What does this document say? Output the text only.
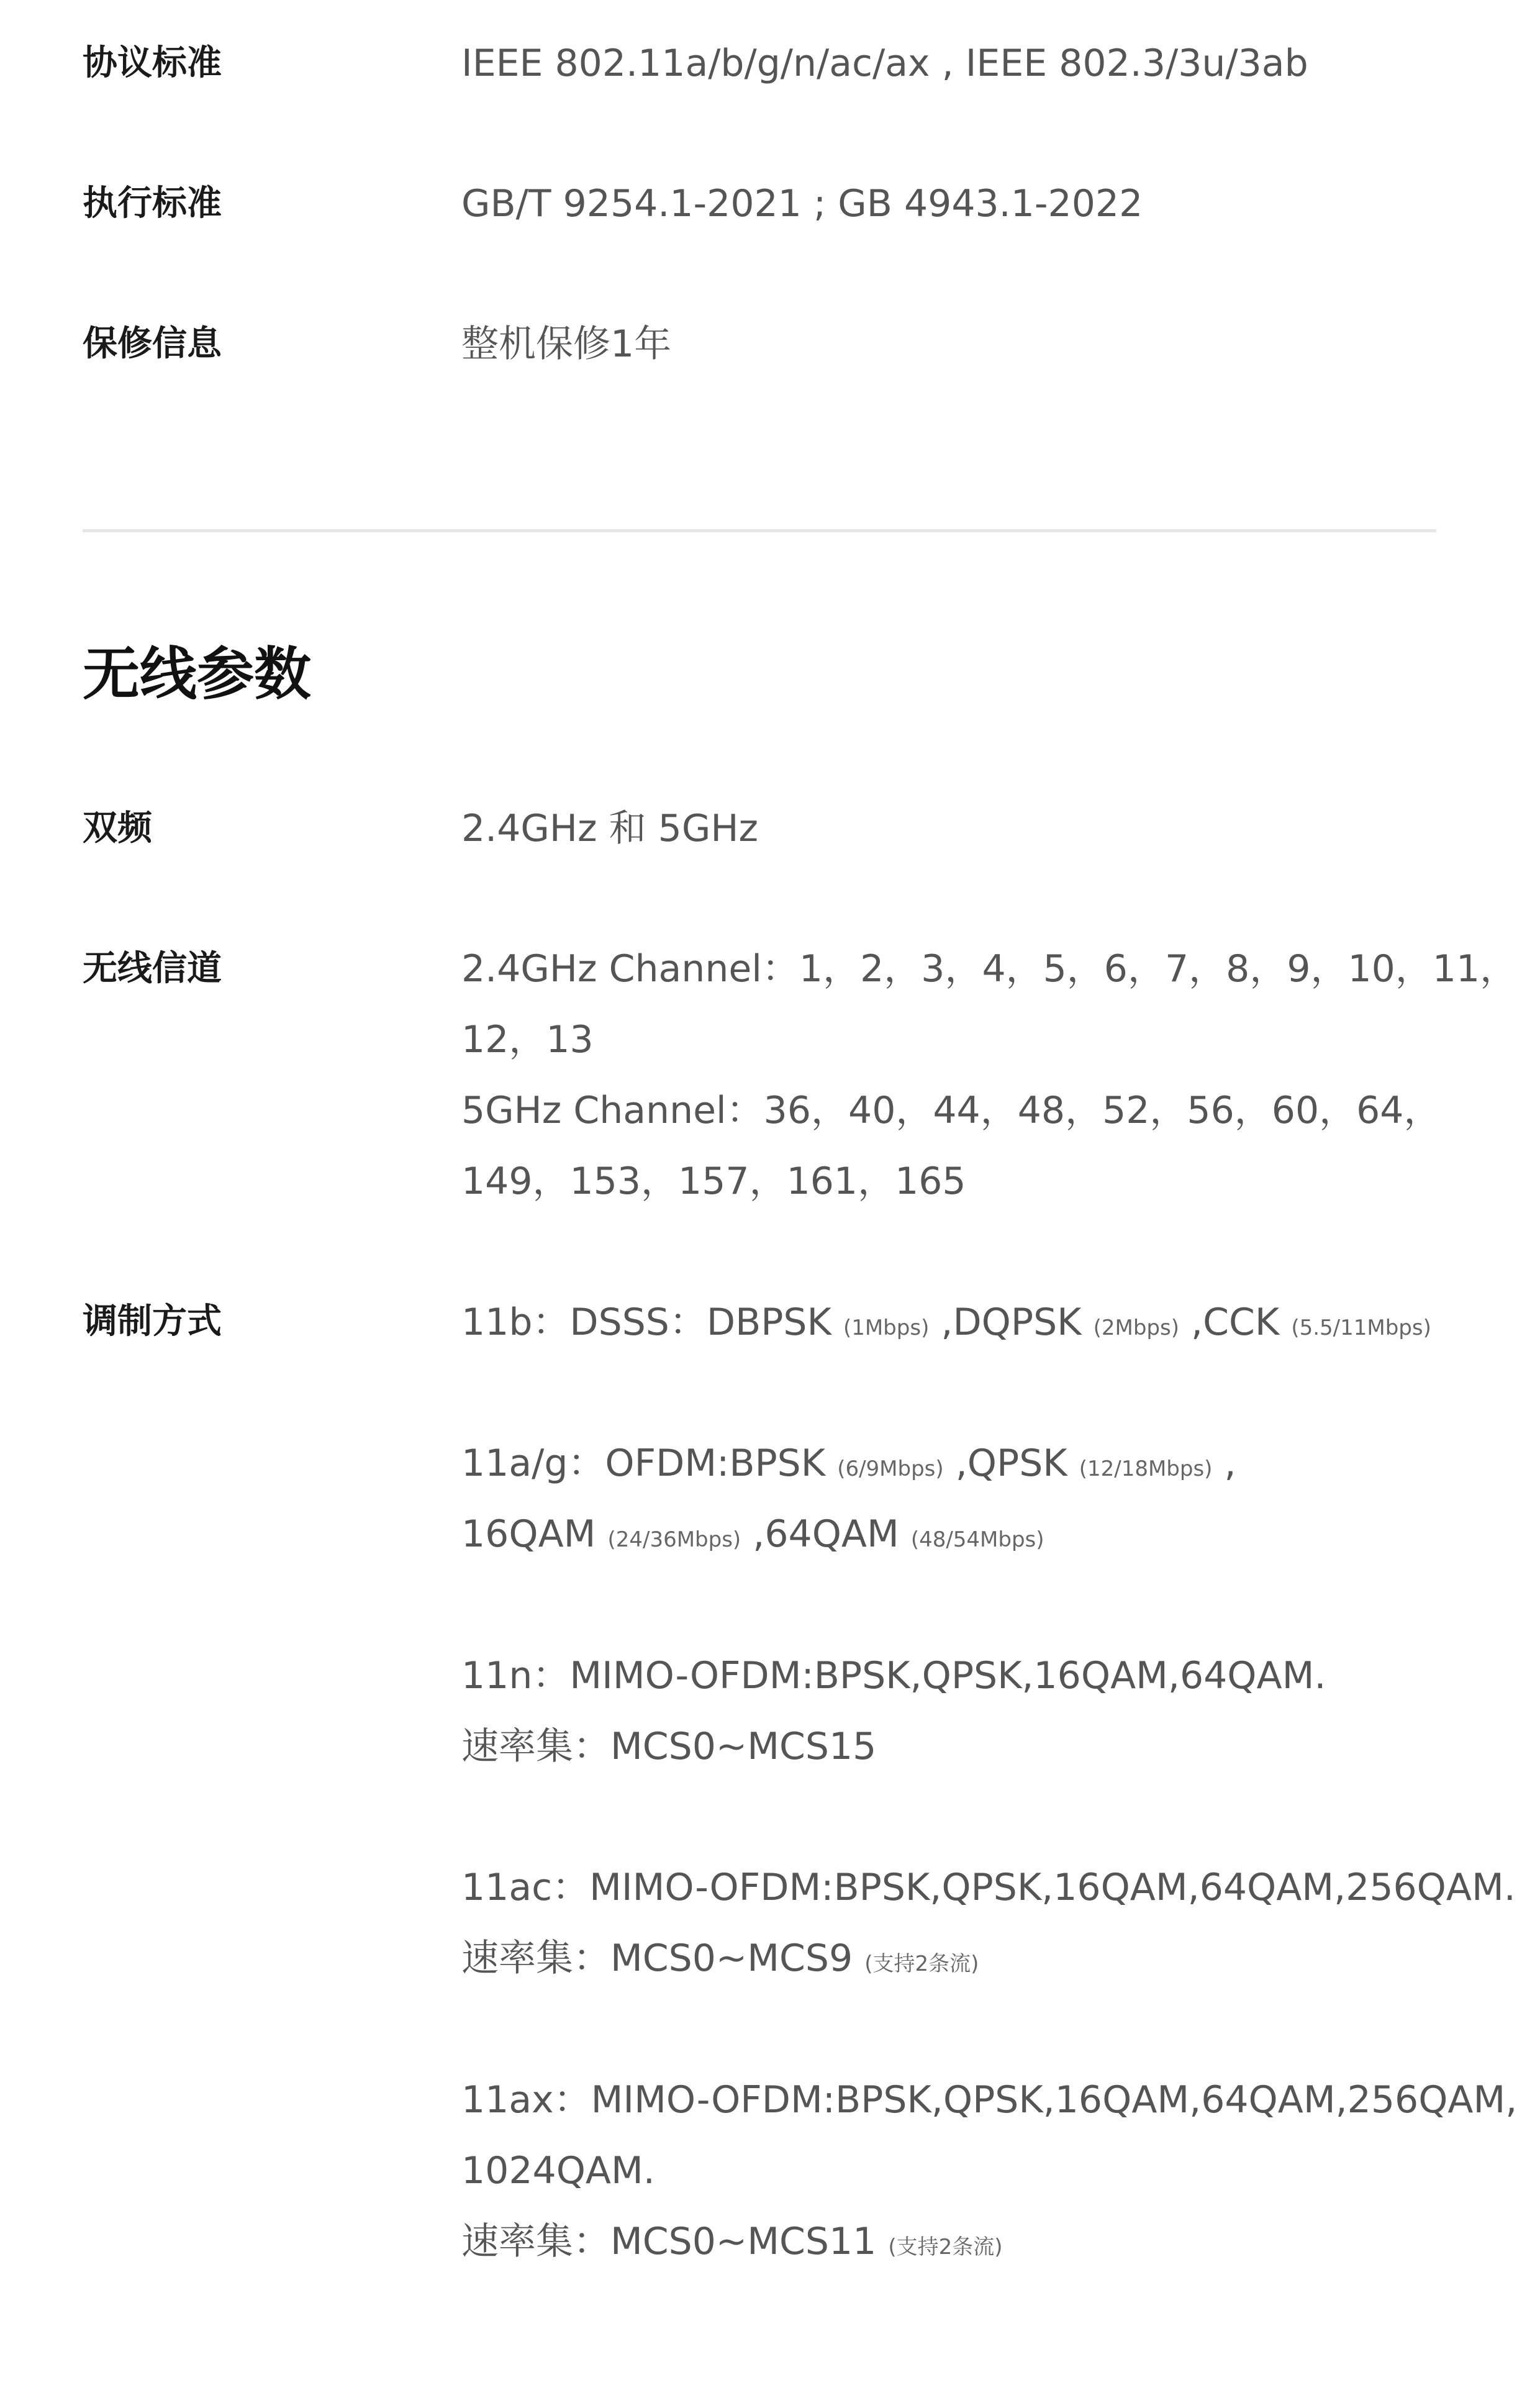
协议标准	IEEE 802.11a/b/g/n/ac/ax , IEEE 802.3/3u/3ab
执行标准	GB/T 9254.1-2021 ; GB 4943.1-2022
保修信息	整机保修1年
无线参数
双频	2.4GHz 和 5GHz
无线信道	2.4GHz Channel：1，2，3，4，5，6，7，8，9，10，11，
12，13
5GHz Channel：36，40，44，48，52，56，60，64，
149，153，157，161，165
调制方式	11b：DSSS：DBPSK (1Mbps) ,DQPSK (2Mbps) ,CCK (5.5/11Mbps)
11a/g：OFDM:BPSK (6/9Mbps) ,QPSK (12/18Mbps) ,
16QAM (24/36Mbps) ,64QAM (48/54Mbps)
11n：MIMO-OFDM:BPSK,QPSK,16QAM,64QAM.
速率集：MCS0~MCS15
11ac：MIMO-OFDM:BPSK,QPSK,16QAM,64QAM,256QAM.
速率集：MCS0~MCS9 (支持2条流)
11ax：MIMO-OFDM:BPSK,QPSK,16QAM,64QAM,256QAM,
1024QAM.
速率集：MCS0~MCS11 (支持2条流)
